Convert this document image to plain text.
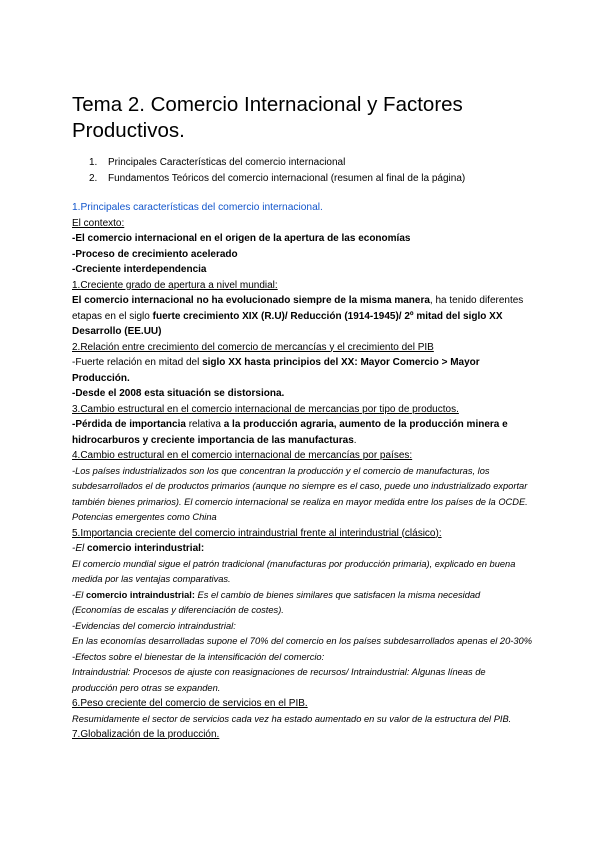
Tema 2. Comercio Internacional y Factores Productivos.
1. Principales Características del comercio internacional
2. Fundamentos Teóricos del comercio internacional (resumen al final de la página)
1.Principales características del comercio internacional.
El contexto:
-El comercio internacional en el origen de la apertura de las economías
-Proceso de crecimiento acelerado
-Creciente interdependencia
1.Creciente grado de apertura a nivel mundial:
El comercio internacional no ha evolucionado siempre de la misma manera, ha tenido diferentes etapas en el siglo fuerte crecimiento XIX (R.U)/ Reducción (1914-1945)/ 2º mitad del siglo XX Desarrollo (EE.UU)
2.Relación entre crecimiento del comercio de mercancías y el crecimiento del PIB
-Fuerte relación en mitad del siglo XX hasta principios del XX: Mayor Comercio > Mayor Producción.
-Desde el 2008 esta situación se distorsiona.
3.Cambio estructural en el comercio internacional de mercancias por tipo de productos.
-Pérdida de importancia relativa a la producción agraria, aumento de la producción minera e hidrocarburos y creciente importancia de las manufacturas.
4.Cambio estructural en el comercio internacional de mercancías por países:
-Los países industrializados son los que concentran la producción y el comercio de manufacturas, los subdesarrollados el de productos primarios (aunque no siempre es el caso, puede uno industrializado exportar también bienes primarios). El comercio internacional se realiza en mayor medida entre los países de la OCDE. Potencias emergentes como China
5.Importancia creciente del comercio intraindustrial frente al interindustrial (clásico):
-El comercio interindustrial:
El comercio mundial sigue el patrón tradicional (manufacturas por producción primaria), explicado en buena medida por las ventajas comparativas.
-El comercio intraindustrial: Es el cambio de bienes similares que satisfacen la misma necesidad (Economías de escalas y diferenciación de costes).
-Evidencias del comercio intraindustrial:
En las economías desarrolladas supone el 70% del comercio en los países subdesarrollados apenas el 20-30%
-Efectos sobre el bienestar de la intensificación del comercio:
Intraindustrial: Procesos de ajuste con reasignaciones de recursos/ Intraindustrial: Algunas líneas de producción pero otras se expanden.
6.Peso creciente del comercio de servicios en el PIB.
Resumidamente el sector de servicios cada vez ha estado aumentado en su valor de la estructura del PIB.
7.Globalización de la producción.
